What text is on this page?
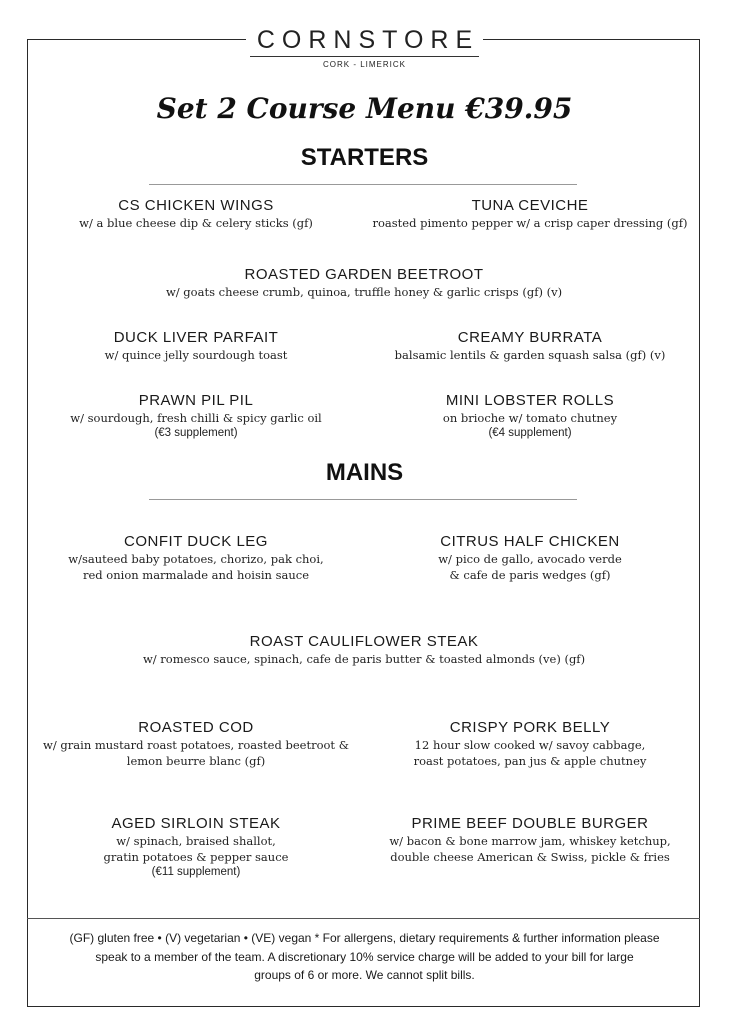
CORNSTORE
CORK - LIMERICK
Set 2 Course Menu €39.95
STARTERS
CS CHICKEN WINGS
w/ a blue cheese dip & celery sticks (gf)
TUNA CEVICHE
roasted pimento pepper w/ a crisp caper dressing (gf)
ROASTED GARDEN BEETROOT
w/ goats cheese crumb, quinoa, truffle honey & garlic crisps (gf) (v)
DUCK LIVER PARFAIT
w/ quince jelly sourdough toast
CREAMY BURRATA
balsamic lentils & garden squash salsa (gf) (v)
PRAWN PIL PIL
w/ sourdough, fresh chilli & spicy garlic oil
(€3 supplement)
MINI LOBSTER ROLLS
on brioche w/ tomato chutney
(€4 supplement)
MAINS
CONFIT DUCK LEG
w/sauteed baby potatoes, chorizo, pak choi,
red onion marmalade and hoisin sauce
CITRUS HALF CHICKEN
w/ pico de gallo, avocado verde
& cafe de paris wedges (gf)
ROAST CAULIFLOWER STEAK
w/ romesco sauce, spinach, cafe de paris butter & toasted almonds (ve) (gf)
ROASTED COD
w/ grain mustard roast potatoes, roasted beetroot &
lemon beurre blanc (gf)
CRISPY PORK BELLY
12 hour slow cooked w/ savoy cabbage,
roast potatoes, pan jus & apple chutney
AGED SIRLOIN STEAK
w/ spinach, braised shallot,
gratin potatoes & pepper sauce
(€11 supplement)
PRIME BEEF DOUBLE BURGER
w/ bacon & bone marrow jam, whiskey ketchup,
double cheese American & Swiss, pickle & fries
(GF) gluten free • (V) vegetarian • (VE) vegan * For allergens, dietary requirements & further information please
speak to a member of the team. A discretionary 10% service charge will be added to your bill for large
groups of 6 or more. We cannot split bills.
